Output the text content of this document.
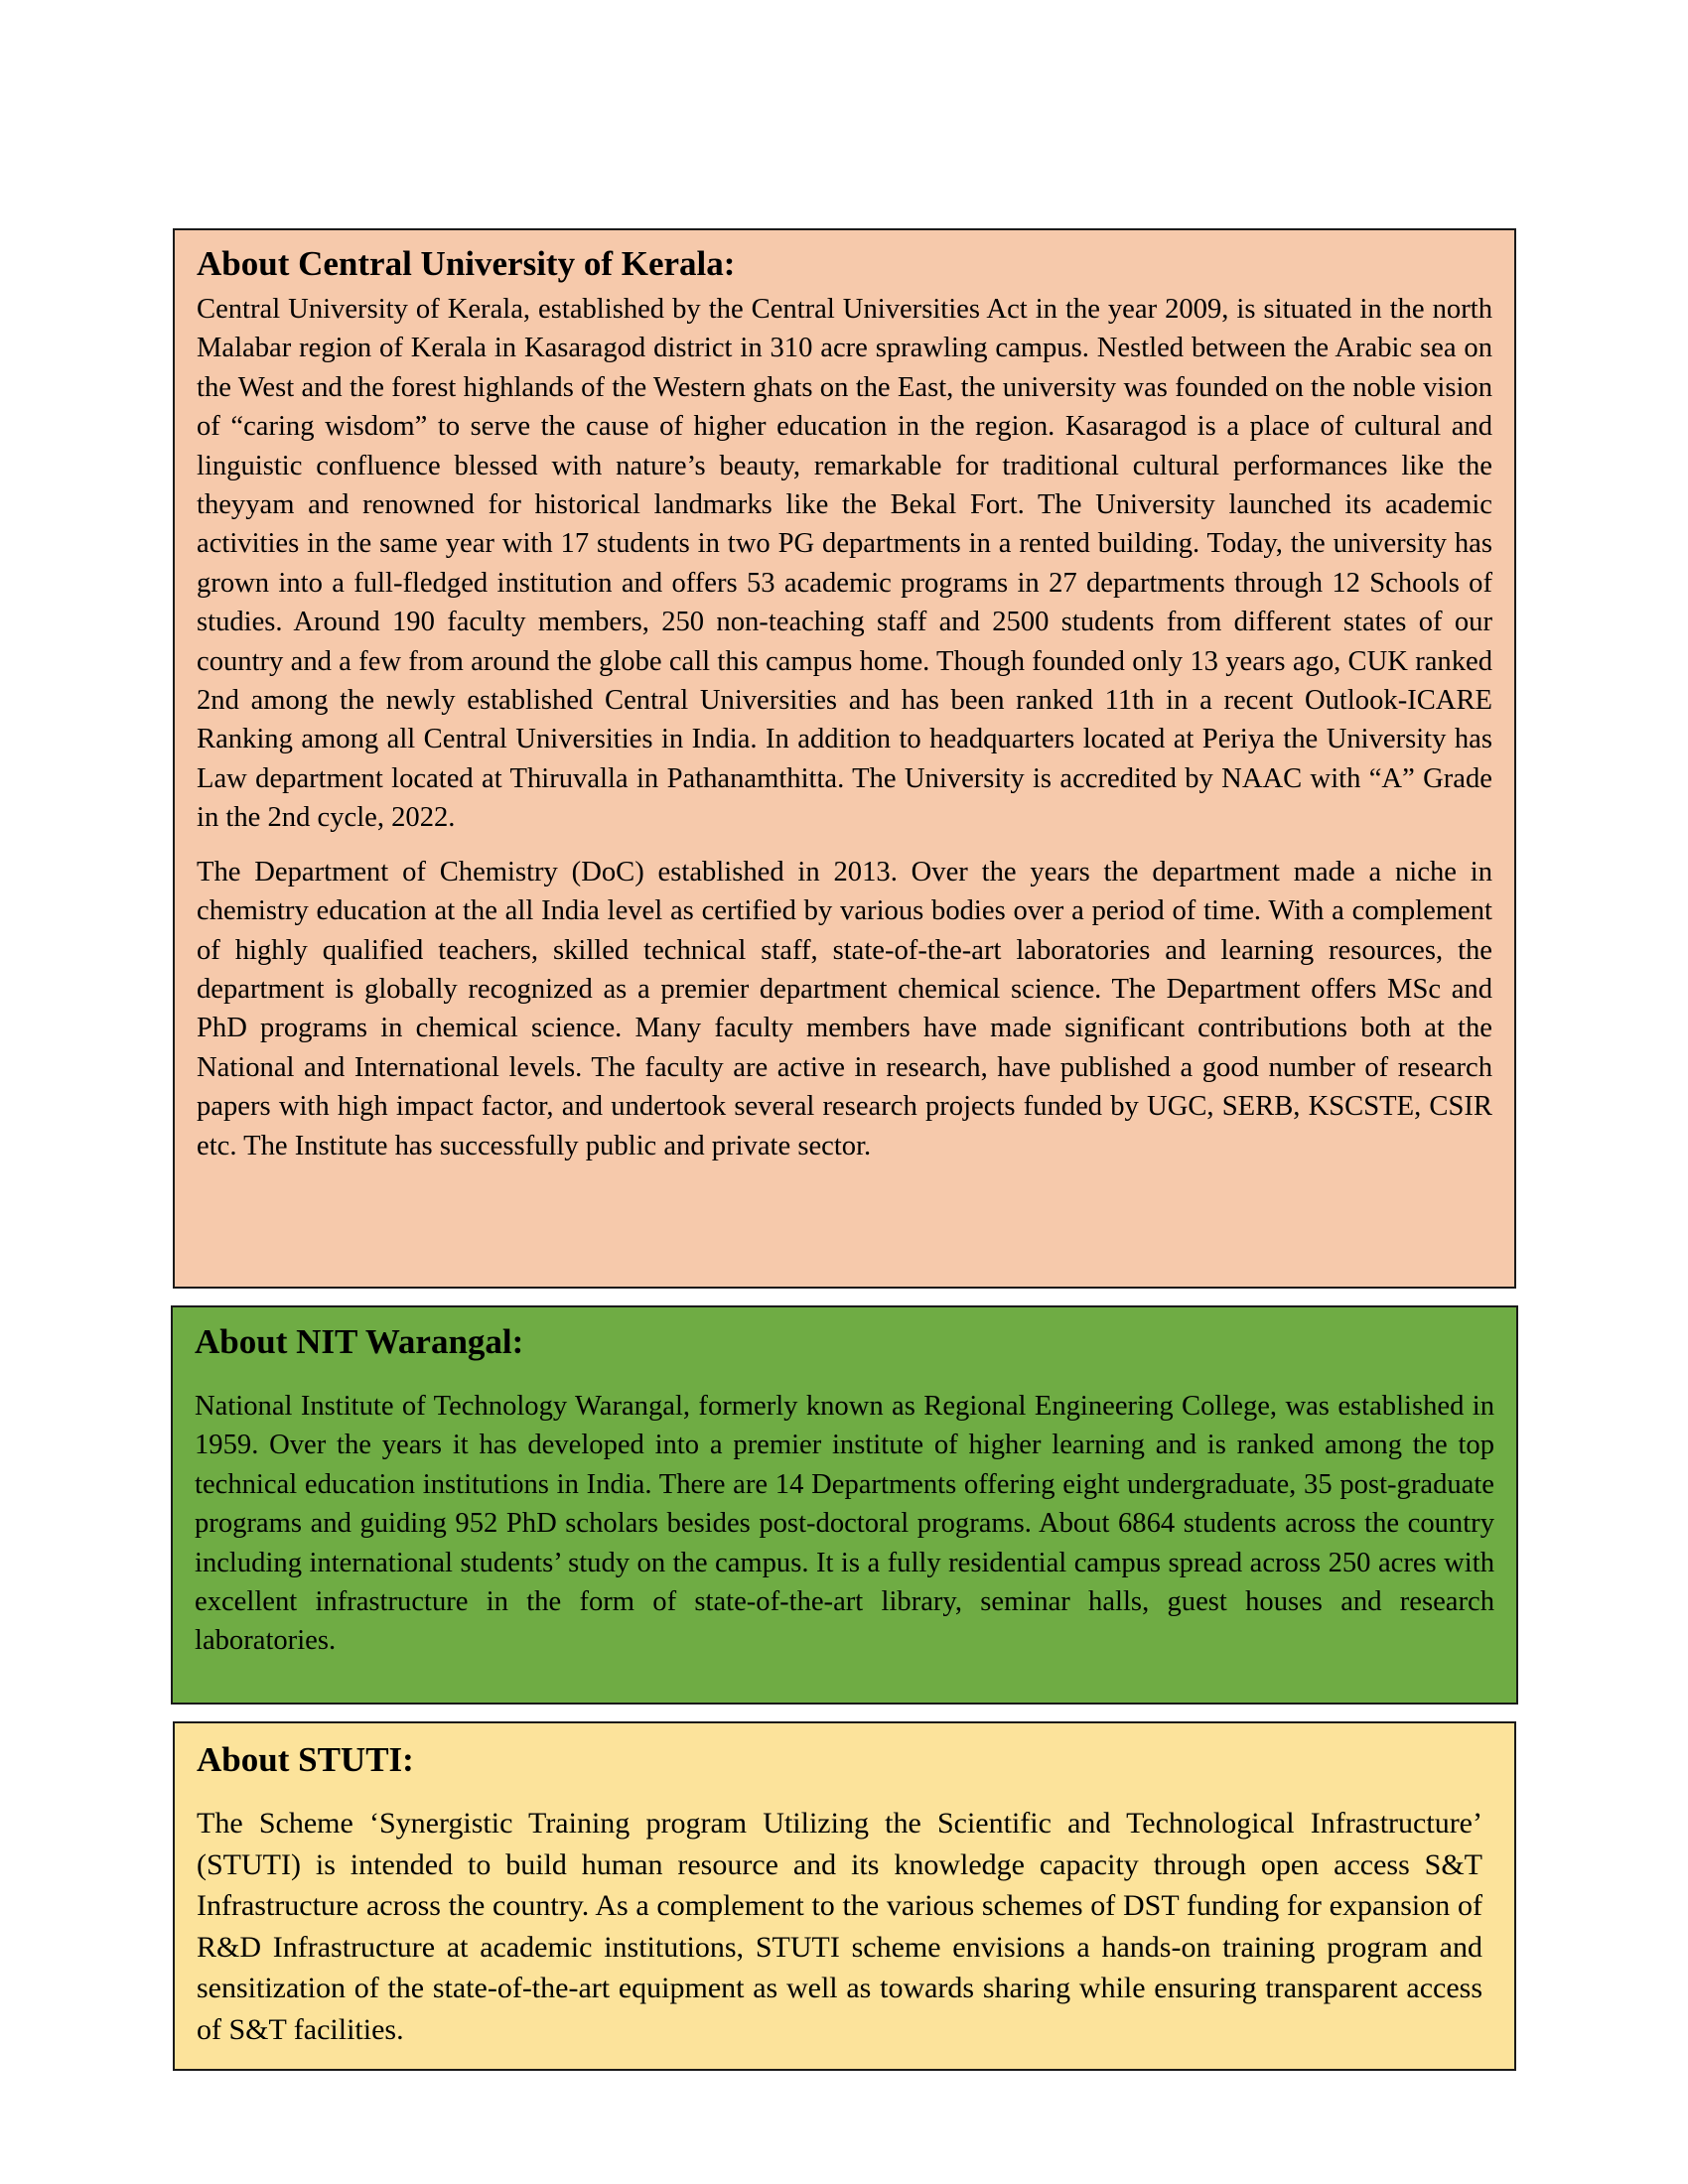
About Central University of Kerala:

Central University of Kerala, established by the Central Universities Act in the year 2009, is situated in the north Malabar region of Kerala in Kasaragod district in 310 acre sprawling campus. Nestled between the Arabic sea on the West and the forest highlands of the Western ghats on the East, the university was founded on the noble vision of “caring wisdom” to serve the cause of higher education in the region. Kasaragod is a place of cultural and linguistic confluence blessed with nature’s beauty, remarkable for traditional cultural performances like the theyyam and renowned for historical landmarks like the Bekal Fort. The University launched its academic activities in the same year with 17 students in two PG departments in a rented building. Today, the university has grown into a full-fledged institution and offers 53 academic programs in 27 departments through 12 Schools of studies. Around 190 faculty members, 250 non-teaching staff and 2500 students from different states of our country and a few from around the globe call this campus home. Though founded only 13 years ago, CUK ranked 2nd among the newly established Central Universities and has been ranked 11th in a recent Outlook-ICARE Ranking among all Central Universities in India. In addition to headquarters located at Periya the University has Law department located at Thiruvalla in Pathanamthitta. The University is accredited by NAAC with “A” Grade in the 2nd cycle, 2022.

The Department of Chemistry (DoC) established in 2013. Over the years the department made a niche in chemistry education at the all India level as certified by various bodies over a period of time. With a complement of highly qualified teachers, skilled technical staff, state-of-the-art laboratories and learning resources, the department is globally recognized as a premier department chemical science. The Department offers MSc and PhD programs in chemical science. Many faculty members have made significant contributions both at the National and International levels. The faculty are active in research, have published a good number of research papers with high impact factor, and undertook several research projects funded by UGC, SERB, KSCSTE, CSIR etc. The Institute has successfully public and private sector.

About NIT Warangal:

National Institute of Technology Warangal, formerly known as Regional Engineering College, was established in 1959. Over the years it has developed into a premier institute of higher learning and is ranked among the top technical education institutions in India. There are 14 Departments offering eight undergraduate, 35 post-graduate programs and guiding 952 PhD scholars besides post-doctoral programs. About 6864 students across the country including international students’ study on the campus. It is a fully residential campus spread across 250 acres with excellent infrastructure in the form of state-of-the-art library, seminar halls, guest houses and research laboratories.

About STUTI:

The Scheme ‘Synergistic Training program Utilizing the Scientific and Technological Infrastructure’ (STUTI) is intended to build human resource and its knowledge capacity through open access S&T Infrastructure across the country. As a complement to the various schemes of DST funding for expansion of R&D Infrastructure at academic institutions, STUTI scheme envisions a hands-on training program and sensitization of the state-of-the-art equipment as well as towards sharing while ensuring transparent access of S&T facilities.
